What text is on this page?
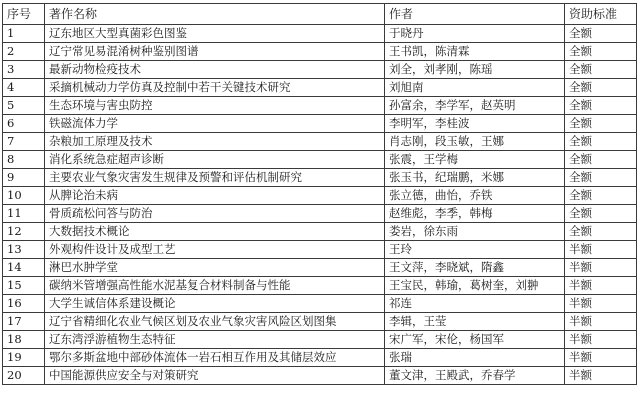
序号	著作名称	作者	资助标准
1	辽东地区大型真菌彩色图鉴	于晓丹	全额
2	辽宁常见易混淆树种鉴别图谱	王书凯，陈清霖	全额
3	最新动物检疫技术	刘全，刘孝刚，陈瑶	全额
4	采摘机械动力学仿真及控制中若干关键技术研究	刘旭南	全额
5	生态环境与害虫防控	孙富余，李学军，赵英明	全额
6	铁磁流体力学	李明军，李桂波	全额
7	杂粮加工原理及技术	肖志刚，段玉敏，王娜	全额
8	消化系统急症超声诊断	张震，王学梅	全额
9	主要农业气象灾害发生规律及预警和评估机制研究	张玉书，纪瑞鹏，米娜	全额
10	从脾论治未病	张立德，曲怡，乔铁	全额
11	骨质疏松问答与防治	赵维彪，李季，韩梅	全额
12	大数据技术概论	娄岩，徐东雨	全额
13	外观构件设计及成型工艺	王玲	半额
14	淋巴水肿学堂	王文萍，李晓斌，隋鑫	半额
15	碳纳米管增强高性能水泥基复合材料制备与性能	王宝民，韩瑜，葛树奎，刘翀	半额
16	大学生诚信体系建设概论	祁连	半额
17	辽宁省精细化农业气候区划及农业气象灾害风险区划图集	李辑，王莹	半额
18	辽东湾浮游植物生态特征	宋广军，宋伦，杨国军	半额
19	鄂尔多斯盆地中部砂体流体一岩石相互作用及其储层效应	张瑞	半额
20	中国能源供应安全与对策研究	董文津，王殿武，乔春学	半额
